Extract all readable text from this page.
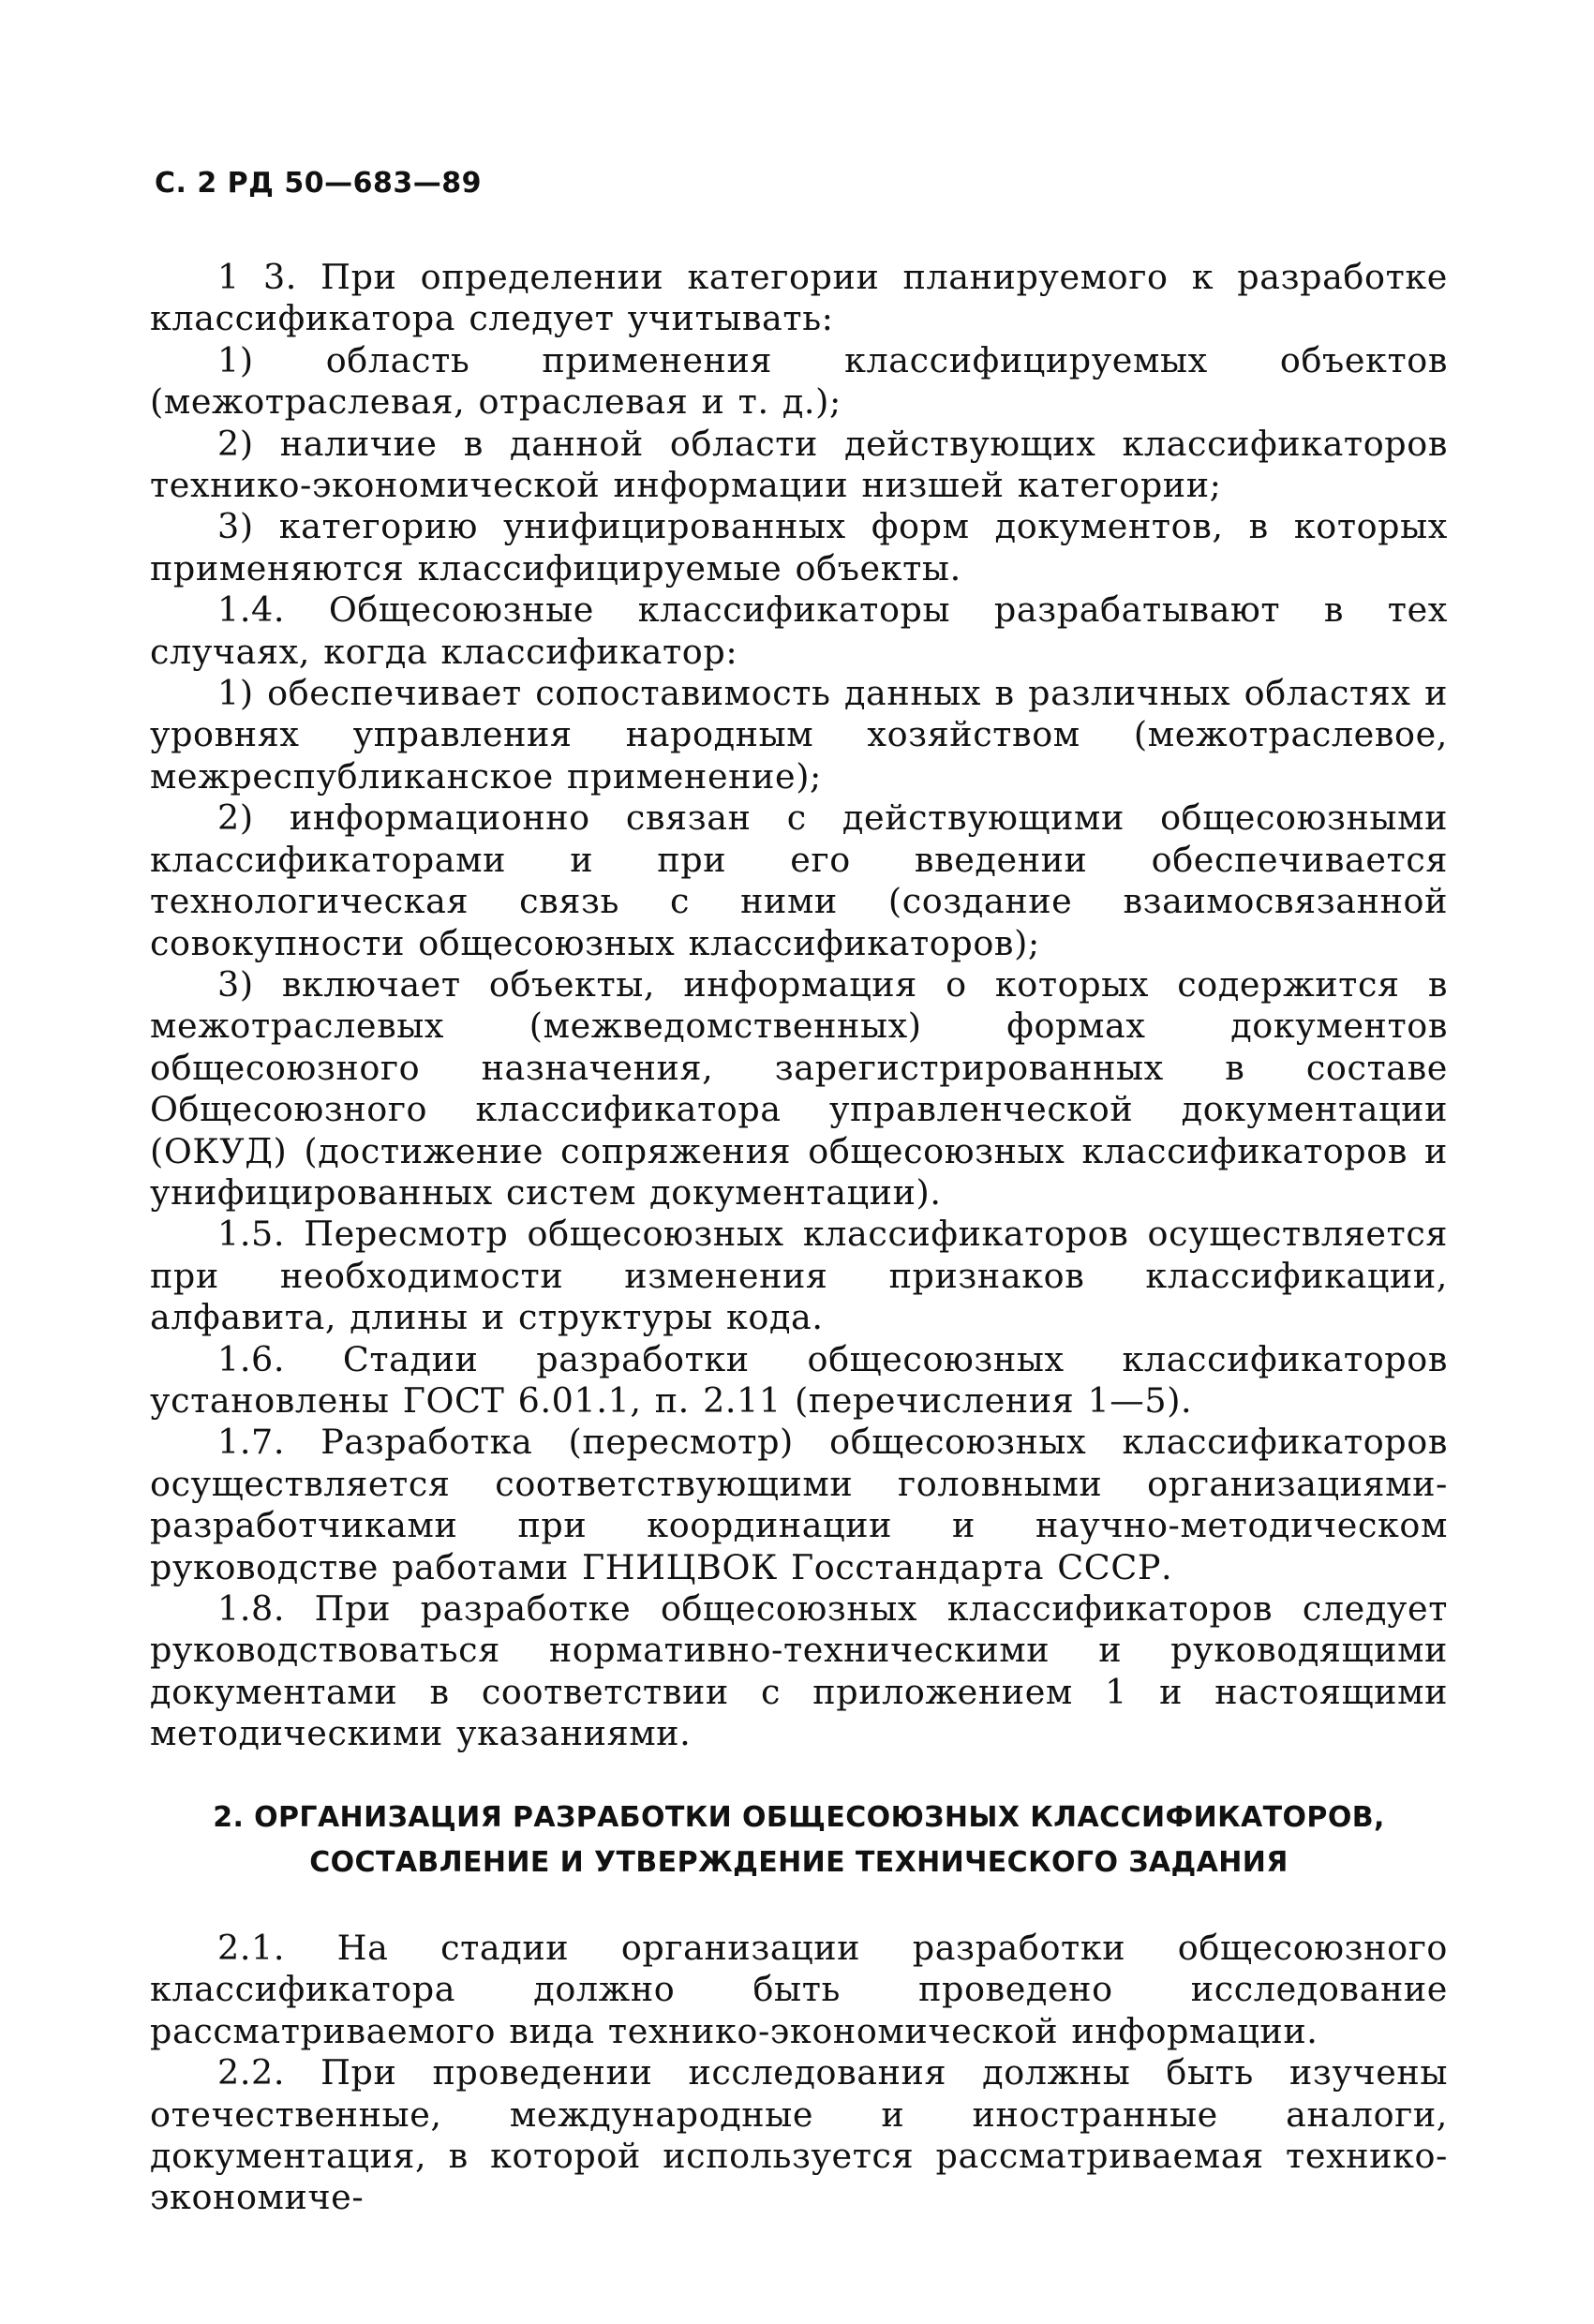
С. 2 РД 50—683—89

1 3. При определении категории планируемого к разработке классификатора следует учитывать:

1) область применения классифицируемых объектов (межотраслевая, отраслевая и т. д.);

2) наличие в данной области действующих классификаторов технико-экономической информации низшей категории;

3) категорию унифицированных форм документов, в которых применяются классифицируемые объекты.

1.4. Общесоюзные классификаторы разрабатывают в тех случаях, когда классификатор:

1) обеспечивает сопоставимость данных в различных областях и уровнях управления народным хозяйством (межотраслевое, межреспубликанское применение);

2) информационно связан с действующими общесоюзными классификаторами и при его введении обеспечивается технологическая связь с ними (создание взаимосвязанной совокупности общесоюзных классификаторов);

3) включает объекты, информация о которых содержится в межотраслевых (межведомственных) формах документов общесоюзного назначения, зарегистрированных в составе Общесоюзного классификатора управленческой документации (ОКУД) (достижение сопряжения общесоюзных классификаторов и унифицированных систем документации).

1.5. Пересмотр общесоюзных классификаторов осуществляется при необходимости изменения признаков классификации, алфавита, длины и структуры кода.

1.6. Стадии разработки общесоюзных классификаторов установлены ГОСТ 6.01.1, п. 2.11 (перечисления 1—5).

1.7. Разработка (пересмотр) общесоюзных классификаторов осуществляется соответствующими головными организациями-разработчиками при координации и научно-методическом руководстве работами ГНИЦВОК Госстандарта СССР.

1.8. При разработке общесоюзных классификаторов следует руководствоваться нормативно-техническими и руководящими документами в соответствии с приложением 1 и настоящими методическими указаниями.

2. ОРГАНИЗАЦИЯ РАЗРАБОТКИ ОБЩЕСОЮЗНЫХ КЛАССИФИКАТОРОВ,
СОСТАВЛЕНИЕ И УТВЕРЖДЕНИЕ ТЕХНИЧЕСКОГО ЗАДАНИЯ

2.1. На стадии организации разработки общесоюзного классификатора должно быть проведено исследование рассматриваемого вида технико-экономической информации.

2.2. При проведении исследования должны быть изучены отечественные, международные и иностранные аналоги, документация, в которой используется рассматриваемая технико-экономиче-
